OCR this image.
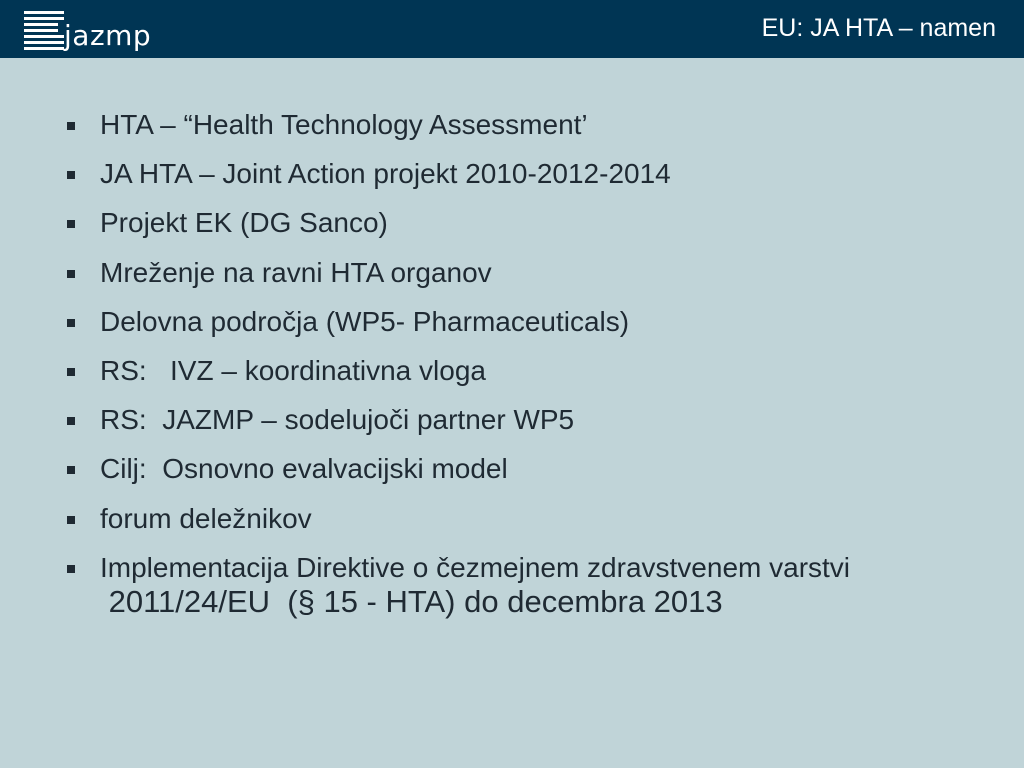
jazmp	EU: JA HTA – namen
HTA – “Health Technology Assessment’
JA HTA – Joint Action projekt 2010-2012-2014
Projekt EK (DG Sanco)
Mreženje na ravni HTA organov
Delovna področja (WP5- Pharmaceuticals)
RS:   IVZ – koordinativna vloga
RS:  JAZMP – sodelujoči partner WP5
Cilj:  Osnovno evalvacijski model
forum deležnikov
Implementacija Direktive o čezmejnem zdravstvenem varstvi  2011/24/EU  (§ 15 - HTA) do decembra 2013
